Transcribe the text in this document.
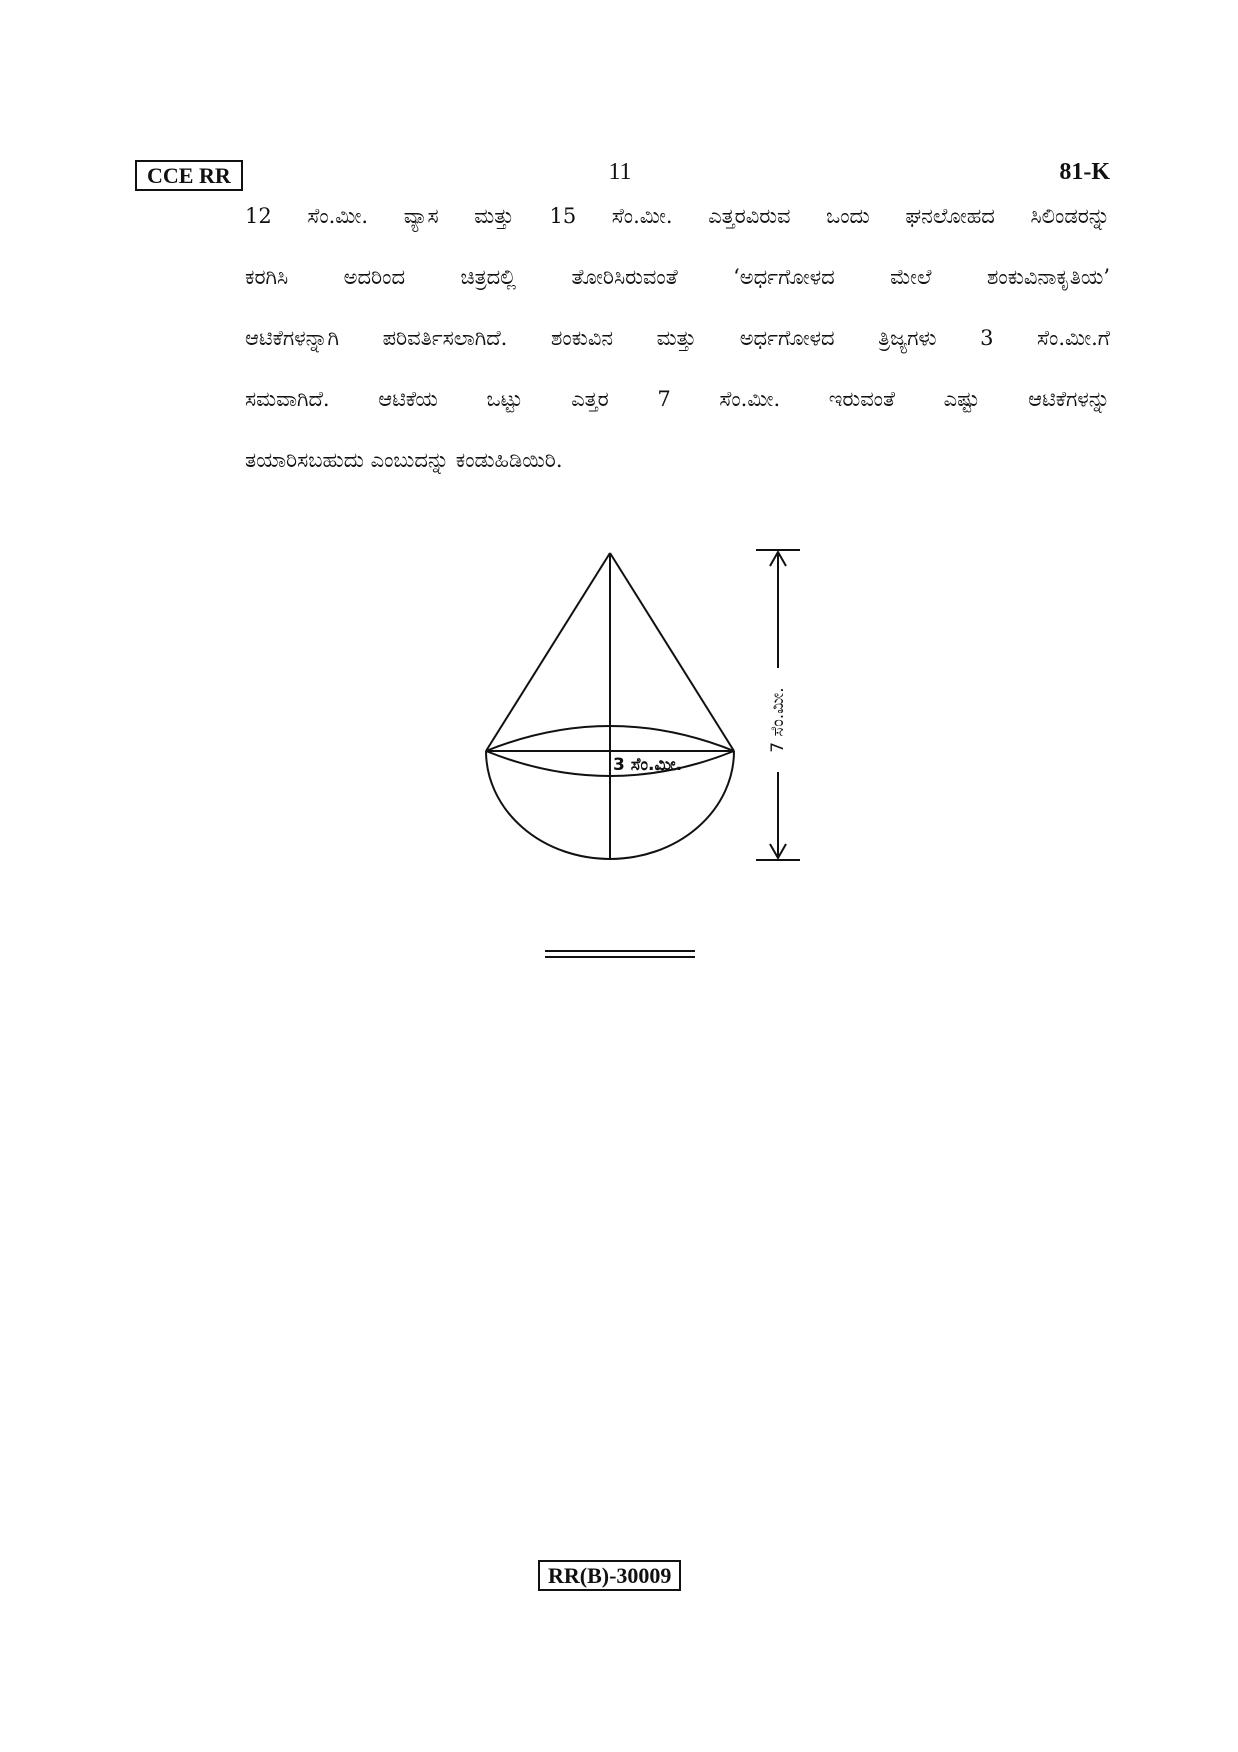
CCE RR	11	81-K
12 ಸೆಂ.ಮೀ. ವ್ಯಾಸ ಮತ್ತು 15 ಸೆಂ.ಮೀ. ಎತ್ತರವಿರುವ ಒಂದು ಘನಲೋಹದ ಸಿಲಿಂಡರನ್ನು
ಕರಗಿಸಿ ಅದರಿಂದ ಚಿತ್ರದಲ್ಲಿ ತೋರಿಸಿರುವಂತೆ ‘ಅರ್ಧಗೋಳದ ಮೇಲೆ ಶಂಕುವಿನಾಕೃತಿಯ’
ಆಟಿಕೆಗಳನ್ನಾಗಿ ಪರಿವರ್ತಿಸಲಾಗಿದೆ. ಶಂಕುವಿನ ಮತ್ತು ಅರ್ಧಗೋಳದ ತ್ರಿಜ್ಯಗಳು 3 ಸೆಂ.ಮೀ.ಗೆ
ಸಮವಾಗಿದೆ. ಆಟಿಕೆಯ ಒಟ್ಟು ಎತ್ತರ 7 ಸೆಂ.ಮೀ. ಇರುವಂತೆ ಎಷ್ಟು ಆಟಿಕೆಗಳನ್ನು
ತಯಾರಿಸಬಹುದು ಎಂಬುದನ್ನು ಕಂಡುಹಿಡಿಯಿರಿ.
3 ಸೆಂ.ಮೀ.
7 ಸೆಂ.ಮೀ.
RR(B)-30009
